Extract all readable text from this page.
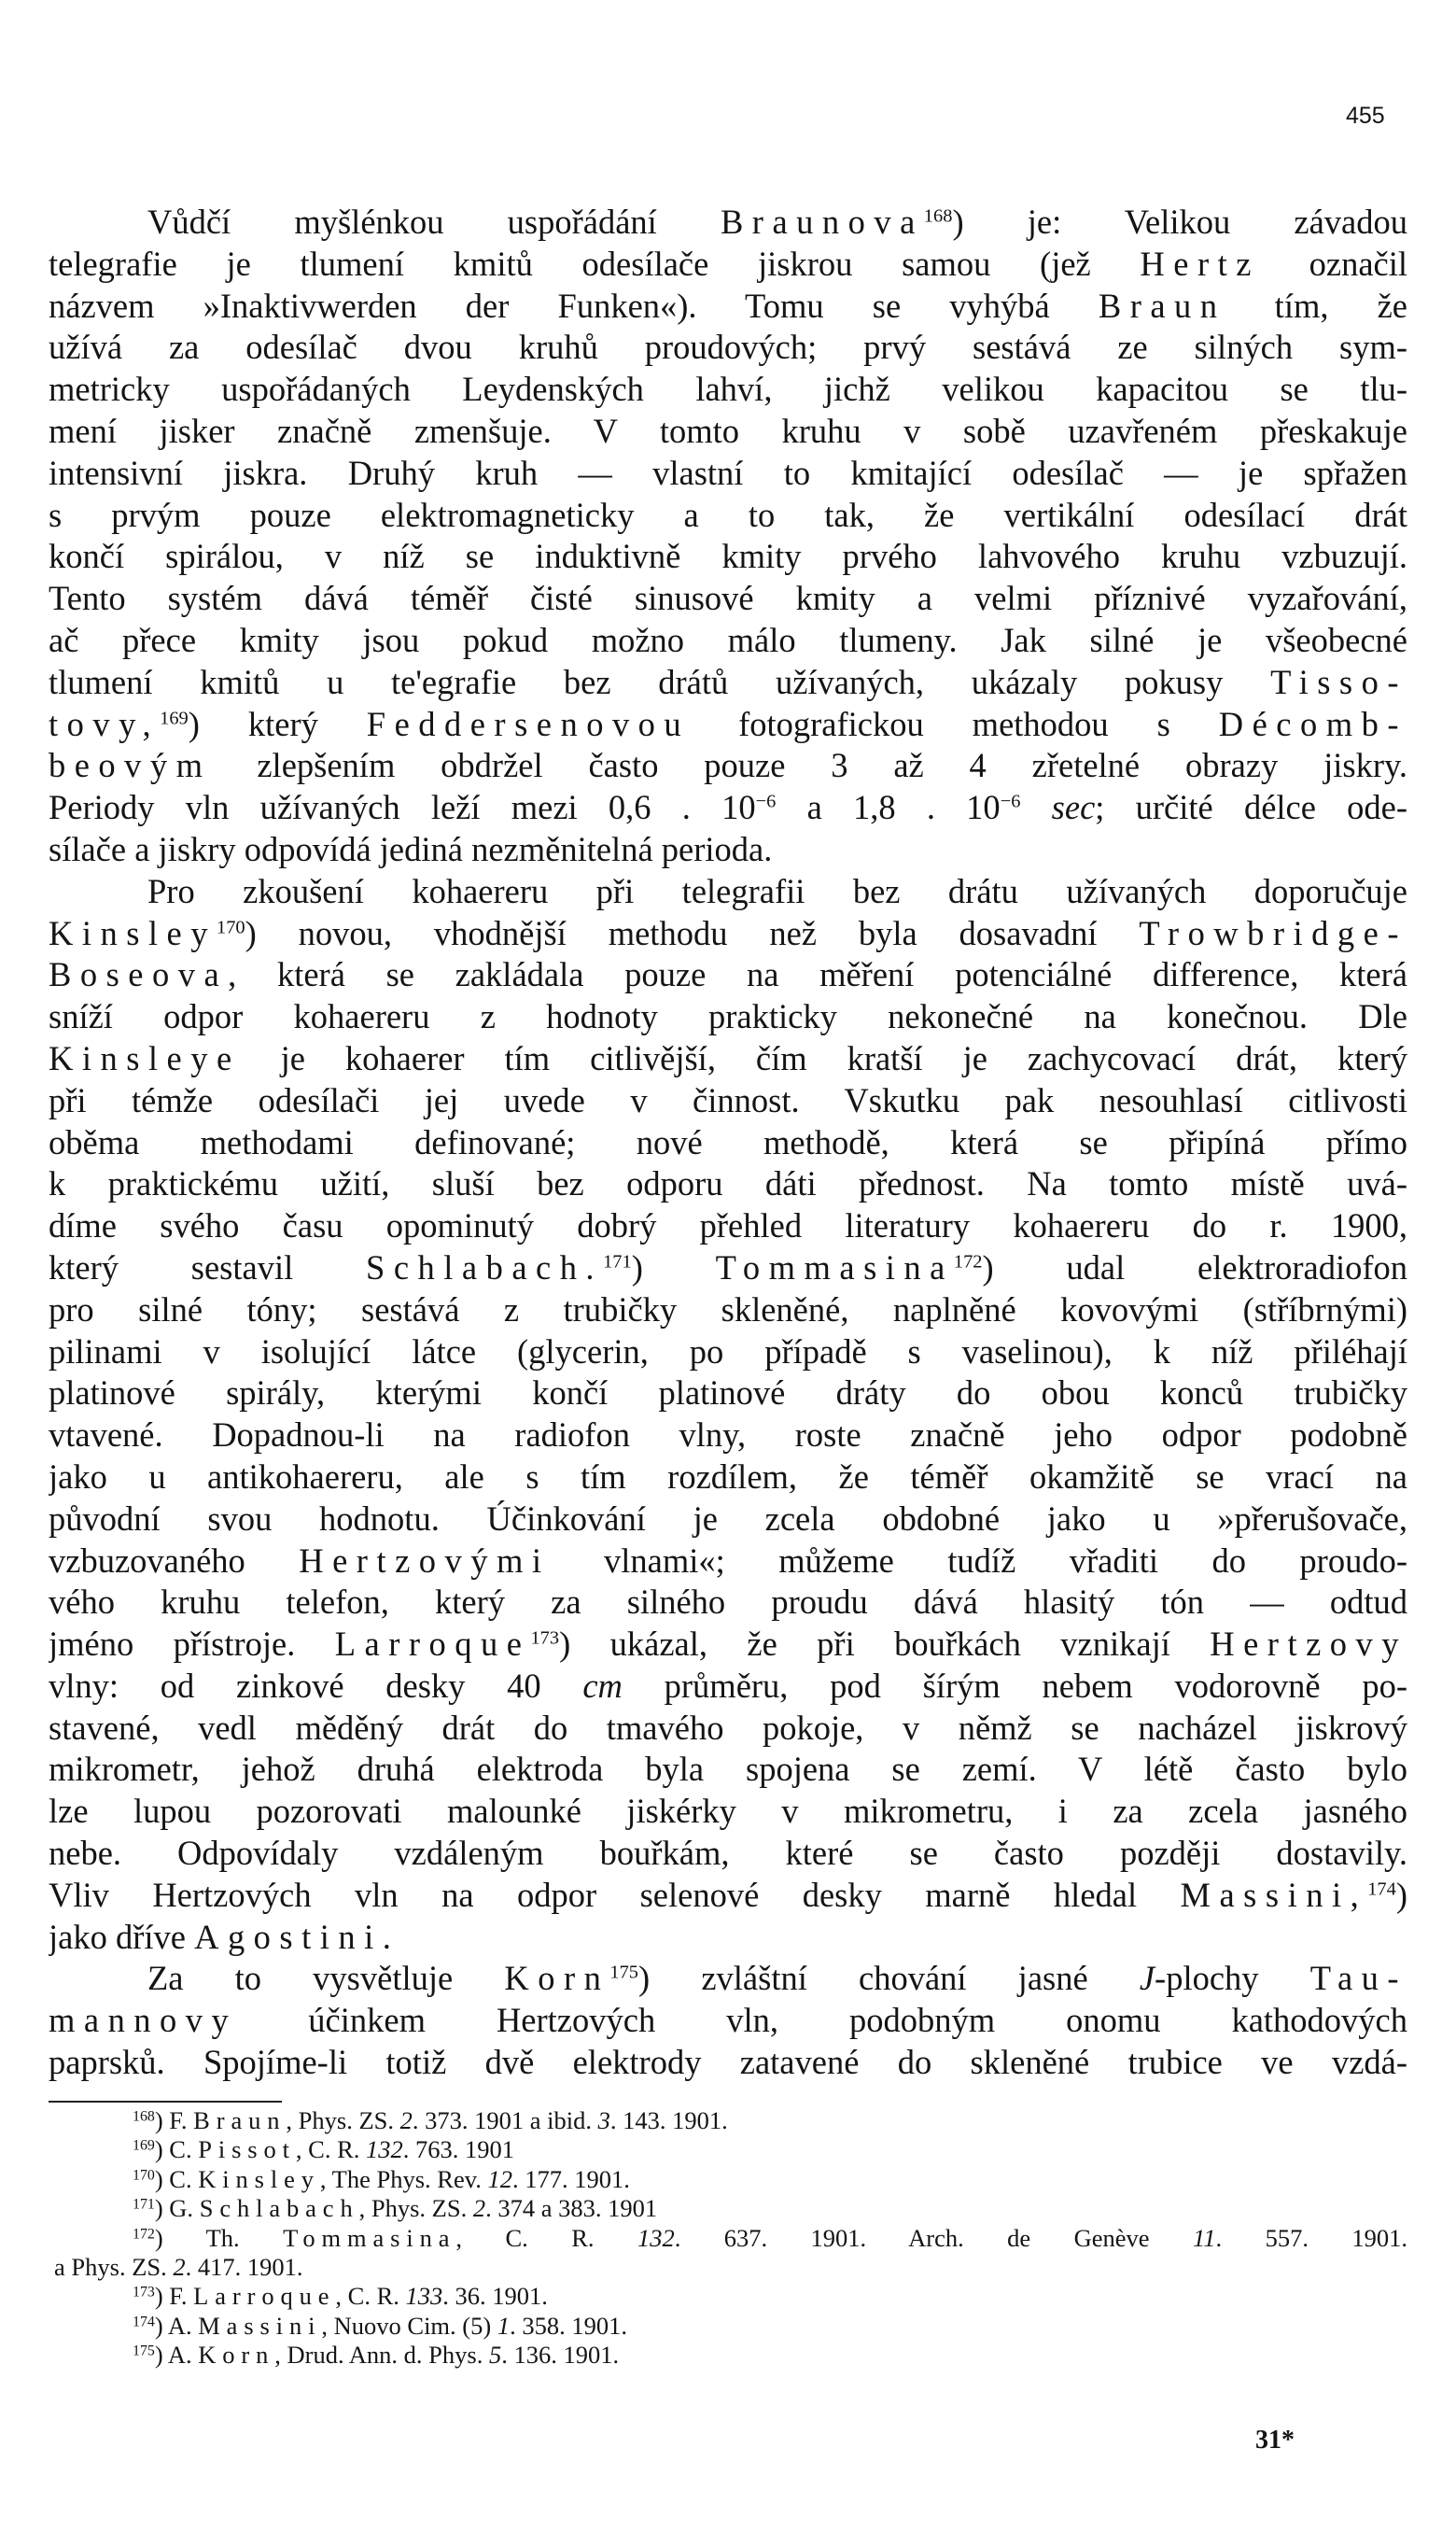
455
Vůdčí myšlénkou uspořádání Braunova$^{168}$) je: Velikou závadou
telegrafie je tlumení kmitů odesílače jiskrou samou (jež Hertz označil
názvem »Inaktivwerden der Funken«). Tomu se vyhýbá Braun tím, že
užívá za odesílač dvou kruhů proudových; prvý sestává ze silných sym-
metricky uspořádaných Leydenských lahví, jichž velikou kapacitou se tlu-
mení jisker značně zmenšuje. V tomto kruhu v sobě uzavřeném přeskakuje
intensivní jiskra. Druhý kruh — vlastní to kmitající odesílač — je spřažen
s prvým pouze elektromagneticky a to tak, že vertikální odesílací drát
končí spirálou, v níž se induktivně kmity prvého lahvového kruhu vzbuzují.
Tento systém dává téměř čisté sinusové kmity a velmi příznivé vyzařování,
ač přece kmity jsou pokud možno málo tlumeny. Jak silné je všeobecné
tlumení kmitů u te'egrafie bez drátů užívaných, ukázaly pokusy Tisso-
tovy,$^{169}$) který Feddersenovou fotografickou methodou s Décomb-
beovým zlepšením obdržel často pouze 3 až 4 zřetelné obrazy jiskry.
Periody vln užívaných leží mezi 0,6 . $10^{-6}$ a 1,8 . $10^{-6}$ sec; určité délce ode-
sílače a jiskry odpovídá jediná nezměnitelná perioda.
Pro zkoušení kohaereru při telegrafii bez drátu užívaných doporučuje
Kinsley$^{170}$) novou, vhodnější methodu než byla dosavadní Trowbridge-
Boseova, která se zakládala pouze na měření potenciálné difference, která
sníží odpor kohaereru z hodnoty prakticky nekonečné na konečnou. Dle
Kinsleye je kohaerer tím citlivější, čím kratší je zachycovací drát, který
při témže odesílači jej uvede v činnost. Vskutku pak nesouhlasí citlivosti
oběma methodami definované; nové methodě, která se připíná přímo
k praktickému užití, sluší bez odporu dáti přednost. Na tomto místě uvá-
díme svého času opominutý dobrý přehled literatury kohaereru do r. 1900,
který sestavil Schlabach.$^{171}$) Tommasina$^{172}$) udal elektroradiofon
pro silné tóny; sestává z trubičky skleněné, naplněné kovovými (stříbrnými)
pilinami v isolující látce (glycerin, po případě s vaselinou), k níž přiléhají
platinové spirály, kterými končí platinové dráty do obou konců trubičky
vtavené. Dopadnou-li na radiofon vlny, roste značně jeho odpor podobně
jako u antikohaereru, ale s tím rozdílem, že téměř okamžitě se vrací na
původní svou hodnotu. Účinkování je zcela obdobné jako u »přerušovače,
vzbuzovaného Hertzovými vlnami«; můžeme tudíž vřaditi do proudo-
vého kruhu telefon, který za silného proudu dává hlasitý tón — odtud
jméno přístroje. Larroque$^{173}$) ukázal, že při bouřkách vznikají Hertzovy
vlny: od zinkové desky 40 cm průměru, pod šírým nebem vodorovně po-
stavené, vedl měděný drát do tmavého pokoje, v němž se nacházel jiskrový
mikrometr, jehož druhá elektroda byla spojena se zemí. V létě často bylo
lze lupou pozorovati malounké jiskérky v mikrometru, i za zcela jasného
nebe. Odpovídaly vzdáleným bouřkám, které se často později dostavily.
Vliv Hertzových vln na odpor selenové desky marně hledal Massini,$^{174}$)
jako dříve Agostini.
Za to vysvětluje Korn$^{175}$) zvláštní chování jasné J-plochy Tau-
mannovy účinkem Hertzových vln, podobným onomu kathodových
paprsků. Spojíme-li totiž dvě elektrody zatavené do skleněné trubice ve vzdá-
$^{168}$) F. Braun, Phys. ZS. 2. 373. 1901 a ibid. 3. 143. 1901.
$^{169}$) C. Pissot, C. R. 132. 763. 1901
$^{170}$) C. Kinsley, The Phys. Rev. 12. 177. 1901.
$^{171}$) G. Schlabach, Phys. ZS. 2. 374 a 383. 1901
$^{172}$) Th. Tommasina, C. R. 132. 637. 1901. Arch. de Genève 11. 557. 1901.
a Phys. ZS. 2. 417. 1901.
$^{173}$) F. Larroque, C. R. 133. 36. 1901.
$^{174}$) A. Massini, Nuovo Cim. (5) 1. 358. 1901.
$^{175}$) A. Korn, Drud. Ann. d. Phys. 5. 136. 1901.
31*
